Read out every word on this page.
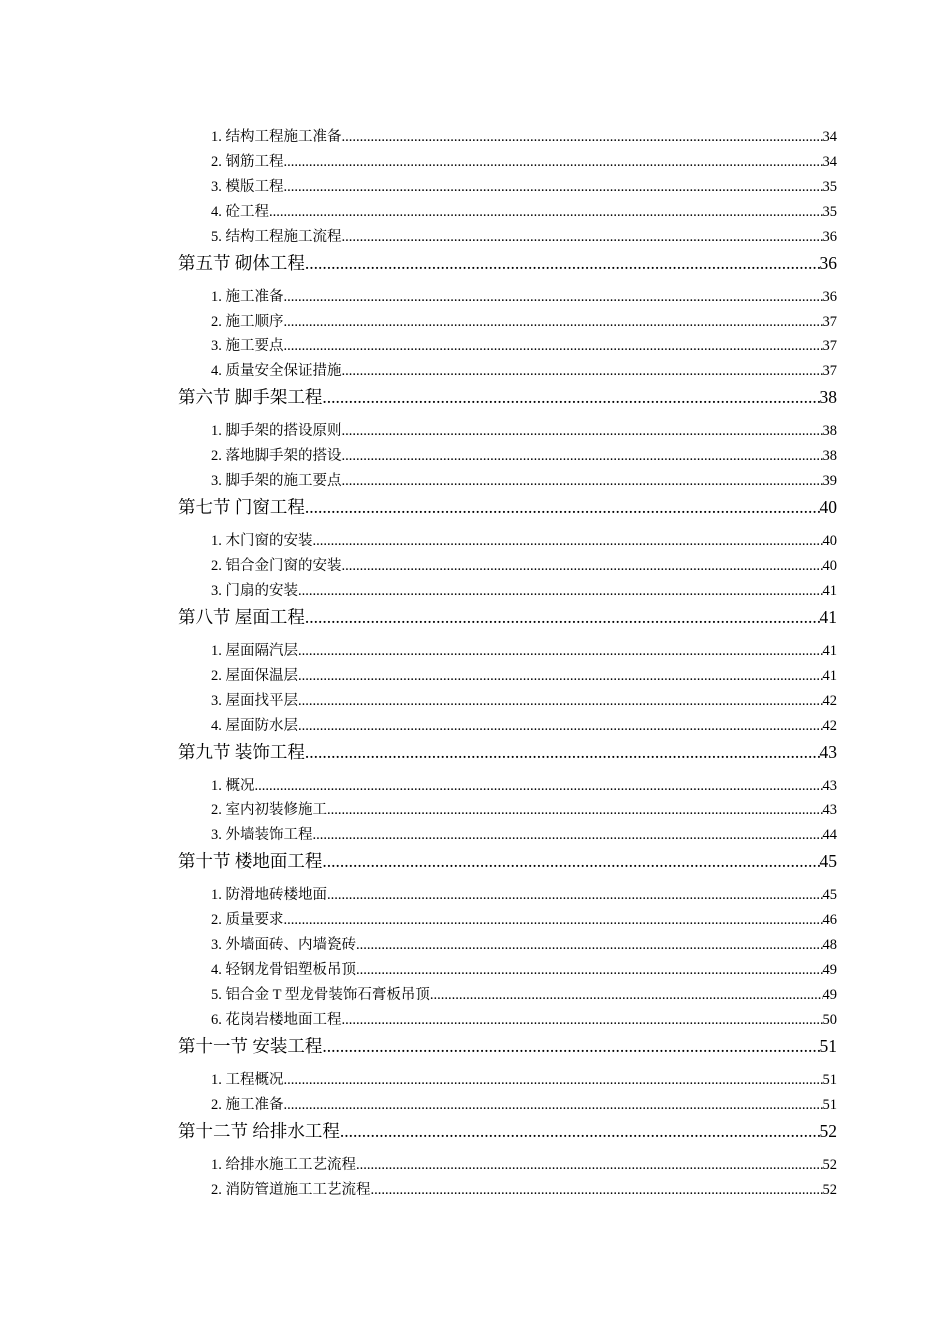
1. 结构工程施工准备 .....	34
2. 钢筋工程 .....	34
3. 模版工程 .....	35
4. 砼工程 .....	35
5. 结构工程施工流程 .....	36
第五节 砌体工程 .....	36
1. 施工准备 .....	36
2. 施工顺序 .....	37
3. 施工要点 .....	37
4. 质量安全保证措施 .....	37
第六节 脚手架工程 .....	38
1. 脚手架的搭设原则 .....	38
2. 落地脚手架的搭设 .....	38
3. 脚手架的施工要点 .....	39
第七节 门窗工程 .....	40
1. 木门窗的安装 .....	40
2. 铝合金门窗的安装 .....	40
3. 门扇的安装 .....	41
第八节 屋面工程 .....	41
1. 屋面隔汽层 .....	41
2. 屋面保温层 .....	41
3. 屋面找平层 .....	42
4. 屋面防水层 .....	42
第九节 装饰工程 .....	43
1. 概况 .....	43
2. 室内初装修施工 .....	43
3. 外墙装饰工程 .....	44
第十节 楼地面工程 .....	45
1. 防滑地砖楼地面 .....	45
2. 质量要求 .....	46
3. 外墙面砖、内墙瓷砖 .....	48
4. 轻钢龙骨铝塑板吊顶 .....	49
5. 铝合金 T 型龙骨装饰石膏板吊顶 .....	49
6. 花岗岩楼地面工程 .....	50
第十一节 安装工程 .....	51
1. 工程概况 .....	51
2. 施工准备 .....	51
第十二节 给排水工程 .....	52
1. 给排水施工工艺流程 .....	52
2. 消防管道施工工艺流程 .....	52
